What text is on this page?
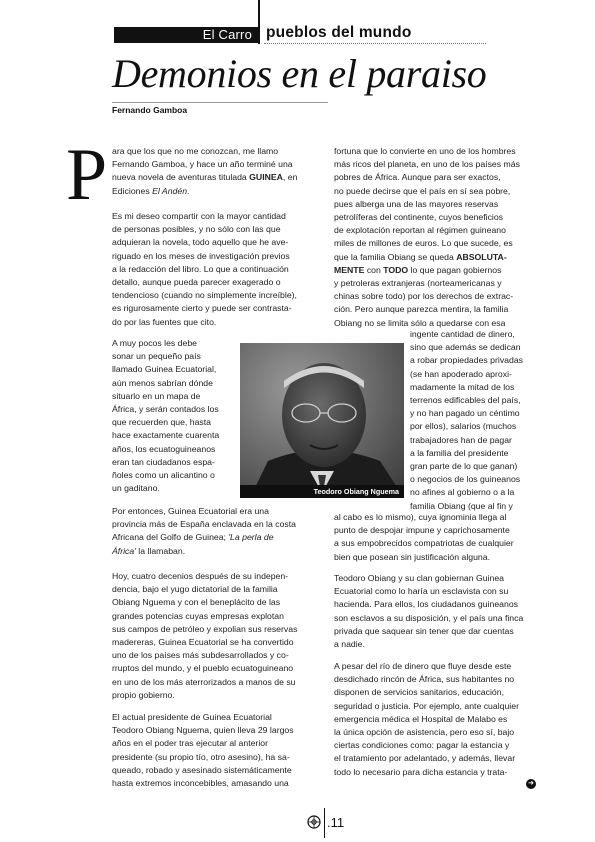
El Carro pueblos del mundo
Demonios en el paraiso
Fernando Gamboa
P ara que los que no me conozcan, me llamo
Fernando Gamboa, y hace un año terminé una
nueva novela de aventuras titulada GUINEA, en
Ediciones El Andén.
Es mi deseo compartir con la mayor cantidad
de personas posibles, y no sólo con las que
adquieran la novela, todo aquello que he ave-
riguado en los meses de investigación previos
a la redacción del libro. Lo que a continuación
detallo, aunque pueda parecer exagerado o
tendencioso (cuando no simplemente increíble),
es rigurosamente cierto y puede ser contrasta-
do por las fuentes que cito.
A muy pocos les debe
sonar un pequeño país
llamado Guinea Ecuatorial,
aún menos sabrían dónde
situarlo en un mapa de
África, y serán contados los
que recuerden que, hasta
hace exactamente cuarenta
años, los ecuatoguineanos
eran tan ciudadanos espa-
ñoles como un alicantino o
un gaditano.
Por entonces, Guinea Ecuatorial era una
provincia más de España enclavada en la costa
Africana del Golfo de Guinea; 'La perla de
África' la llamaban.
Hoy, cuatro decenios después de su indepen-
dencia, bajo el yugo dictatorial de la familia
Obiang Nguema y con el beneplácito de las
grandes potencias cuyas empresas explotan
sus campos de petróleo y expolian sus reservas
madereras, Guinea Ecuatorial se ha convertido
uno de los países más subdesarrollados y co-
rruptos del mundo, y el pueblo ecuatoguineano
en uno de los más aterrorizados a manos de su
propio gobierno.
El actual presidente de Guinea Ecuatorial
Teodoro Obiang Nguema, quien lleva 29 largos
años en el poder tras ejecutar al anterior
presidente (su propio tío, otro asesino), ha sa-
queado, robado y asesinado sistemáticamente
hasta extremos inconcebibles, amasando una
fortuna que lo convierte en uno de los hombres
más ricos del planeta, en uno de los países más
pobres de África. Aunque para ser exactos,
no puede decirse que el país en sí sea pobre,
pues alberga una de las mayores reservas
petrolíferas del continente, cuyos beneficios
de explotación reportan al régimen guineano
miles de millones de euros. Lo que sucede, es
que la familia Obiang se queda ABSOLUTA-
MENTE con TODO lo que pagan gobiernos
y petroleras extranjeras (norteamericanas y
chinas sobre todo) por los derechos de extrac-
ción. Pero aunque parezca mentira, la familia
Obiang no se limita sólo a quedarse con esa
ingente cantidad de dinero,
sino que además se dedican
a robar propiedades privadas
(se han apoderado aproxi-
madamente la mitad de los
terrenos edificables del país,
y no han pagado un céntimo
por ellos), salarios (muchos
trabajadores han de pagar
a la familia del presidente
gran parte de lo que ganan)
o negocios de los guineanos
no afines al gobierno o a la
familia Obiang (que al fin y
al cabo es lo mismo), cuya ignominia llega al
punto de despojar impune y caprichosamente
a sus empobrecidos compatriotas de cualquier
bien que posean sin justificación alguna.
Teodoro Obiang y su clan gobiernan Guinea
Ecuatorial como lo haría un esclavista con su
hacienda. Para ellos, los ciudadanos guineanos
son esclavos a su disposición, y el país una finca
privada que saquear sin tener que dar cuentas
a nadie.
A pesar del río de dinero que fluye desde este
desdichado rincón de África, sus habitantes no
disponen de servicios sanitarios, educación,
seguridad o justicia. Por ejemplo, ante cualquier
emergencia médica el Hospital de Malabo es
la única opción de asistencia, pero eso sí, bajo
ciertas condiciones como: pagar la estancia y
el tratamiento por adelantado, y además, llevar
todo lo necesario para dicha estancia y trata-
Teodoro Obiang Nguema
➜
.11
